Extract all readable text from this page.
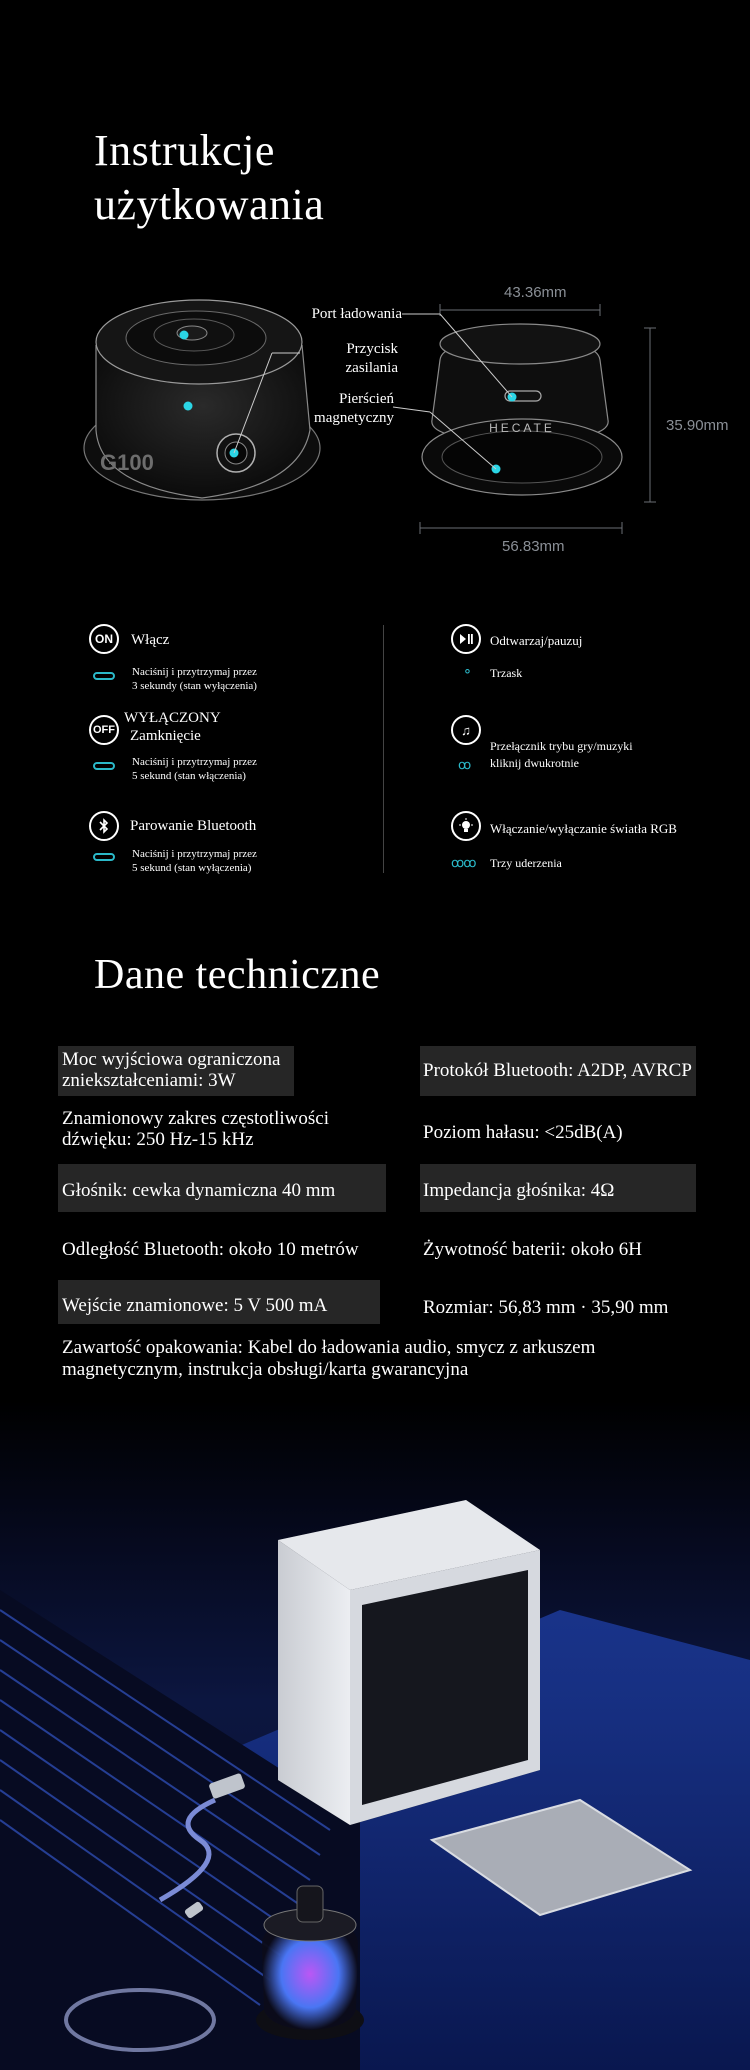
Instrukcje
użytkowania
G100
HECATE
43.36mm
35.90mm
56.83mm
Port ładowania
Przycisk
zasilania
Pierścień
magnetyczny
ON	Włącz
Naciśnij i przytrzymaj przez
3 sekundy (stan wyłączenia)
OFF
WYŁĄCZONY
Zamknięcie
Naciśnij i przytrzymaj przez
5 sekund (stan włączenia)
Parowanie Bluetooth
Naciśnij i przytrzymaj przez
5 sekund (stan wyłączenia)
Odtwarzaj/pauzuj
⚬ Trzask
♫
Przełącznik trybu gry/muzyki
ꝏ kliknij dwukrotnie
Włączanie/wyłączanie światła RGB
ꝏꝏ Trzy uderzenia
Dane techniczne
Moc wyjściowa ograniczona
zniekształceniami: 3W	Protokół Bluetooth: A2DP, AVRCP
Znamionowy zakres częstotliwości
dźwięku: 250 Hz-15 kHz	Poziom hałasu: <25dB(A)
Głośnik: cewka dynamiczna 40 mm	Impedancja głośnika: 4Ω
Odległość Bluetooth: około 10 metrów	Żywotność baterii: około 6H
Wejście znamionowe: 5 V 500 mA	Rozmiar: 56,83 mm · 35,90 mm
Zawartość opakowania: Kabel do ładowania audio, smycz z arkuszem
magnetycznym, instrukcja obsługi/karta gwarancyjna
